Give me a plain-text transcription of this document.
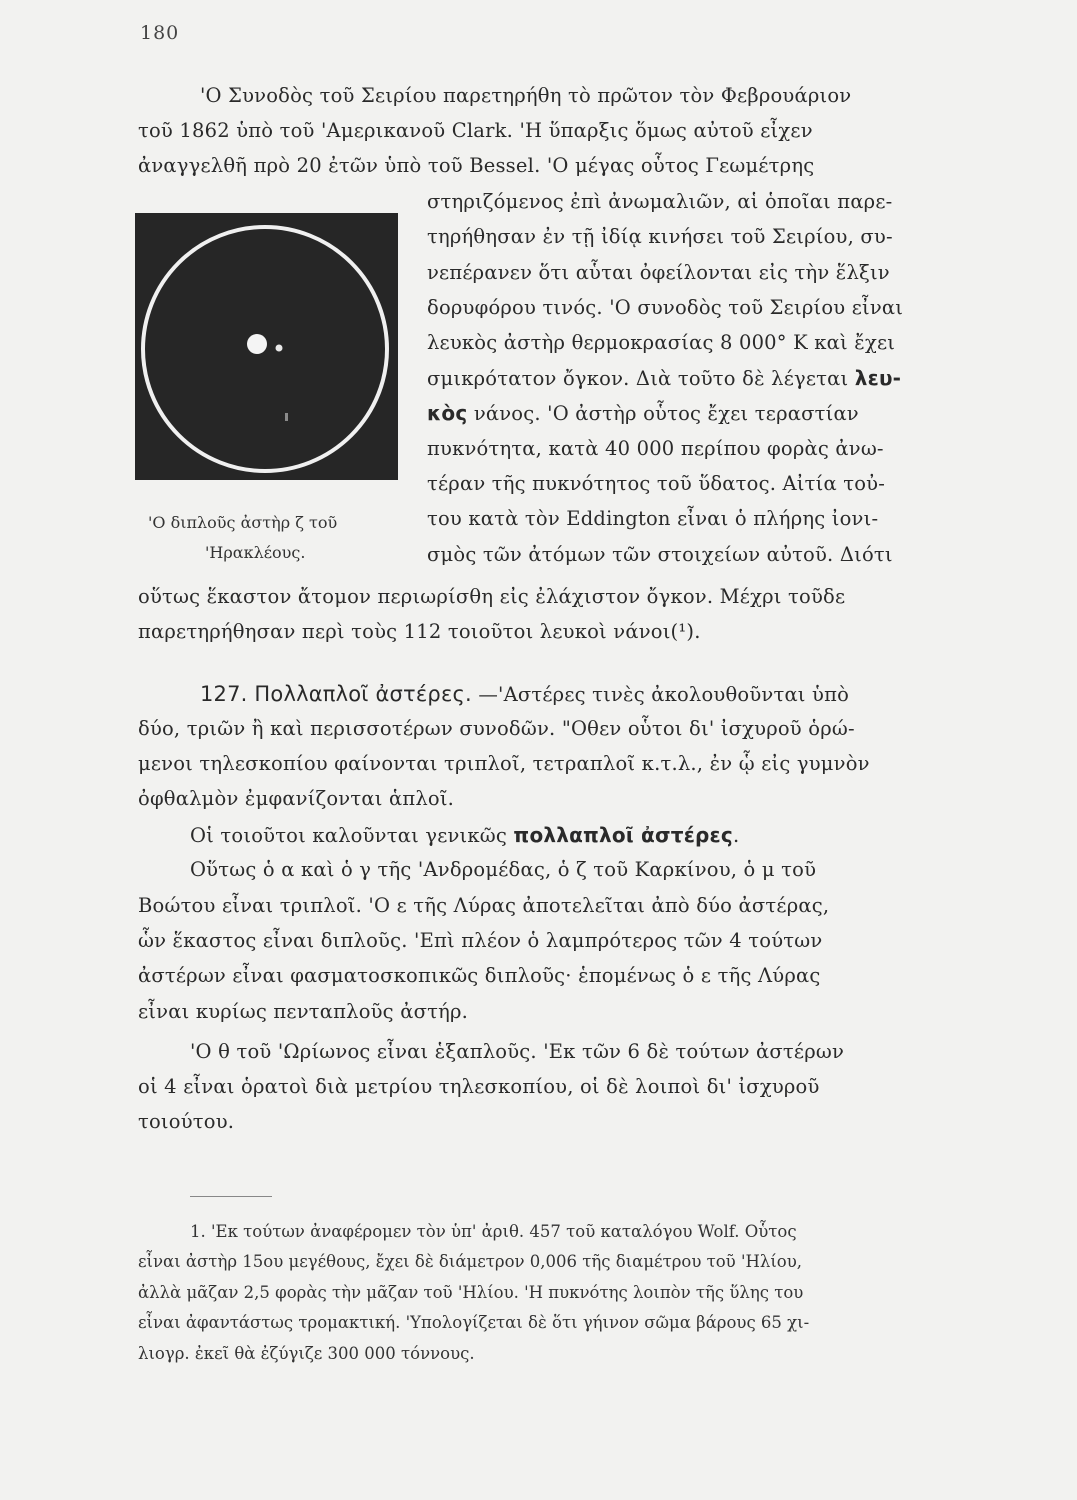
180
'Ο Συνοδὸς τοῦ Σειρίου παρετηρήθη τὸ πρῶτον τὸν Φεβρουάριον
τοῦ 1862 ὑπὸ τοῦ 'Αμερικανοῦ Clark. 'Η ὕπαρξις ὅμως αὐτοῦ εἶχεν
ἀναγγελθῆ πρὸ 20 ἐτῶν ὑπὸ τοῦ Bessel. 'Ο μέγας οὗτος Γεωμέτρης
στηριζόμενος ἐπὶ ἀνωμαλιῶν, αἱ ὁποῖαι παρε-
τηρήθησαν ἐν τῇ ἰδίᾳ κινήσει τοῦ Σειρίου, συ-
νεπέρανεν ὅτι αὗται ὀφείλονται εἰς τὴν ἕλξιν
δορυφόρου τινός. 'Ο συνοδὸς τοῦ Σειρίου εἶναι
λευκὸς ἀστὴρ θερμοκρασίας 8 000° K καὶ ἔχει
σμικρότατον ὄγκον. Διὰ τοῦτο δὲ λέγεται λευ-
κὸς νάνος. 'Ο ἀστὴρ οὗτος ἔχει τεραστίαν
πυκνότητα, κατὰ 40 000 περίπου φορὰς ἀνω-
τέραν τῆς πυκνότητος τοῦ ὕδατος. Αἰτία τοὐ-
του κατὰ τὸν Eddington εἶναι ὁ πλήρης ἰονι-
σμὸς τῶν ἀτόμων τῶν στοιχείων αὐτοῦ. Διότι
'Ο διπλοῦς ἀστὴρ ζ τοῦ
'Ηρακλέους.
οὕτως ἕκαστον ἄτομον περιωρίσθη εἰς ἐλάχιστον ὄγκον. Μέχρι τοῦδε
παρετηρήθησαν περὶ τοὺς 112 τοιοῦτοι λευκοὶ νάνοι(¹).
127. Πολλαπλοῖ ἀστέρες. —'Αστέρες τινὲς ἀκολουθοῦνται ὑπὸ
δύο, τριῶν ἢ καὶ περισσοτέρων συνοδῶν. "Οθεν οὗτοι δι' ἰσχυροῦ ὁρώ-
μενοι τηλεσκοπίου φαίνονται τριπλοῖ, τετραπλοῖ κ.τ.λ., ἐν ᾧ εἰς γυμνὸν
ὀφθαλμὸν ἐμφανίζονται ἁπλοῖ.
Οἱ τοιοῦτοι καλοῦνται γενικῶς πολλαπλοῖ ἀστέρες.
Οὕτως ὁ α καὶ ὁ γ τῆς 'Ανδρομέδας, ὁ ζ τοῦ Καρκίνου, ὁ μ τοῦ
Βοώτου εἶναι τριπλοῖ. 'Ο ε τῆς Λύρας ἀποτελεῖται ἀπὸ δύο ἀστέρας,
ὧν ἕκαστος εἶναι διπλοῦς. 'Επὶ πλέον ὁ λαμπρότερος τῶν 4 τούτων
ἀστέρων εἶναι φασματοσκοπικῶς διπλοῦς· ἑπομένως ὁ ε τῆς Λύρας
εἶναι κυρίως πενταπλοῦς ἀστήρ.
'Ο θ τοῦ 'Ωρίωνος εἶναι ἑξαπλοῦς. 'Εκ τῶν 6 δὲ τούτων ἀστέρων
οἱ 4 εἶναι ὁρατοὶ διὰ μετρίου τηλεσκοπίου, οἱ δὲ λοιποὶ δι' ἰσχυροῦ
τοιούτου.
1. 'Εκ τούτων ἀναφέρομεν τὸν ὑπ' ἀριθ. 457 τοῦ καταλόγου Wolf. Οὗτος
εἶναι ἀστὴρ 15ου μεγέθους, ἔχει δὲ διάμετρον 0,006 τῆς διαμέτρου τοῦ 'Ηλίου,
ἀλλὰ μᾶζαν 2,5 φορὰς τὴν μᾶζαν τοῦ 'Ηλίου. 'Η πυκνότης λοιπὸν τῆς ὕλης του
εἶναι ἀφαντάστως τρομακτική. 'Υπολογίζεται δὲ ὅτι γήινον σῶμα βάρους 65 χι-
λιογρ. ἐκεῖ θὰ ἐζύγιζε 300 000 τόννους.
